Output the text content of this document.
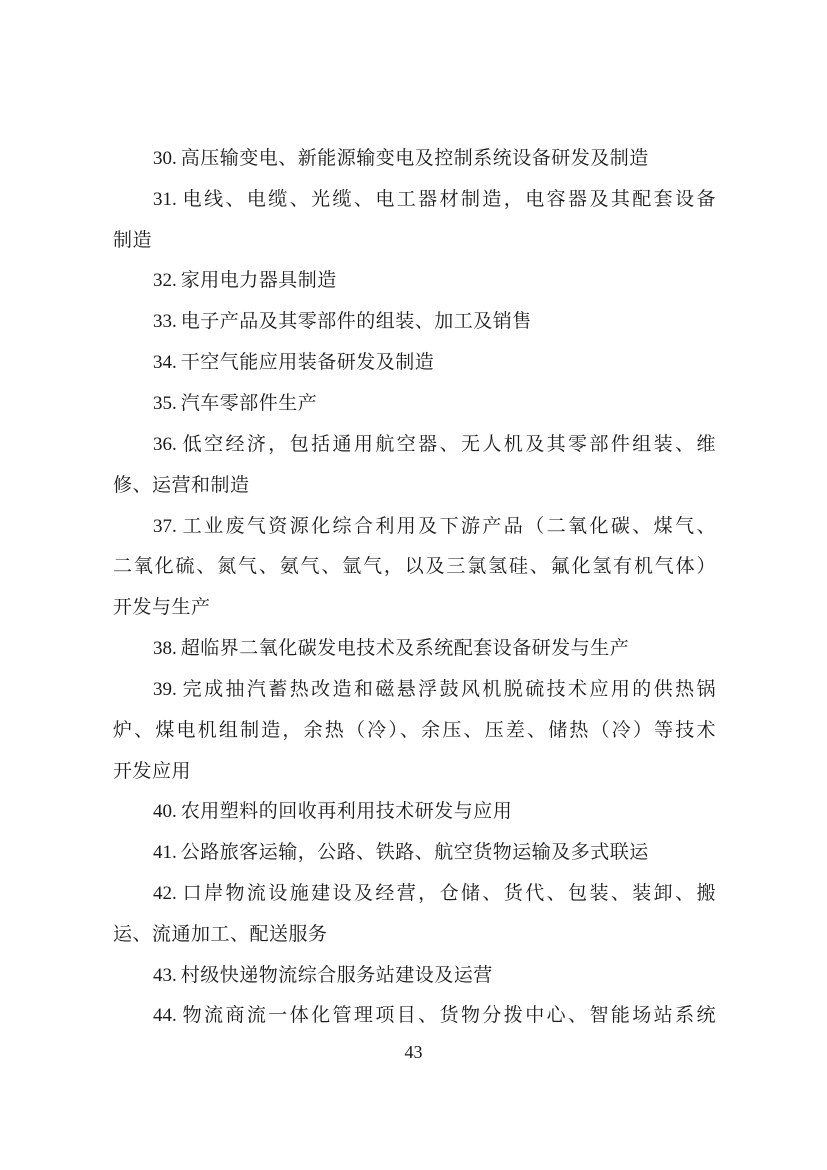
30. 高压输变电、新能源输变电及控制系统设备研发及制造
31. 电线、电缆、光缆、电工器材制造，电容器及其配套设备
制造
32. 家用电力器具制造
33. 电子产品及其零部件的组装、加工及销售
34. 干空气能应用装备研发及制造
35. 汽车零部件生产
36. 低空经济，包括通用航空器、无人机及其零部件组装、维
修、运营和制造
37. 工业废气资源化综合利用及下游产品（二氧化碳、煤气、
二氧化硫、氮气、氨气、氩气，以及三氯氢硅、氟化氢有机气体）
开发与生产
38. 超临界二氧化碳发电技术及系统配套设备研发与生产
39. 完成抽汽蓄热改造和磁悬浮鼓风机脱硫技术应用的供热锅
炉、煤电机组制造，余热（冷）、余压、压差、储热（冷）等技术
开发应用
40. 农用塑料的回收再利用技术研发与应用
41. 公路旅客运输，公路、铁路、航空货物运输及多式联运
42. 口岸物流设施建设及经营，仓储、货代、包装、装卸、搬
运、流通加工、配送服务
43. 村级快递物流综合服务站建设及运营
44. 物流商流一体化管理项目、货物分拨中心、智能场站系统
43
